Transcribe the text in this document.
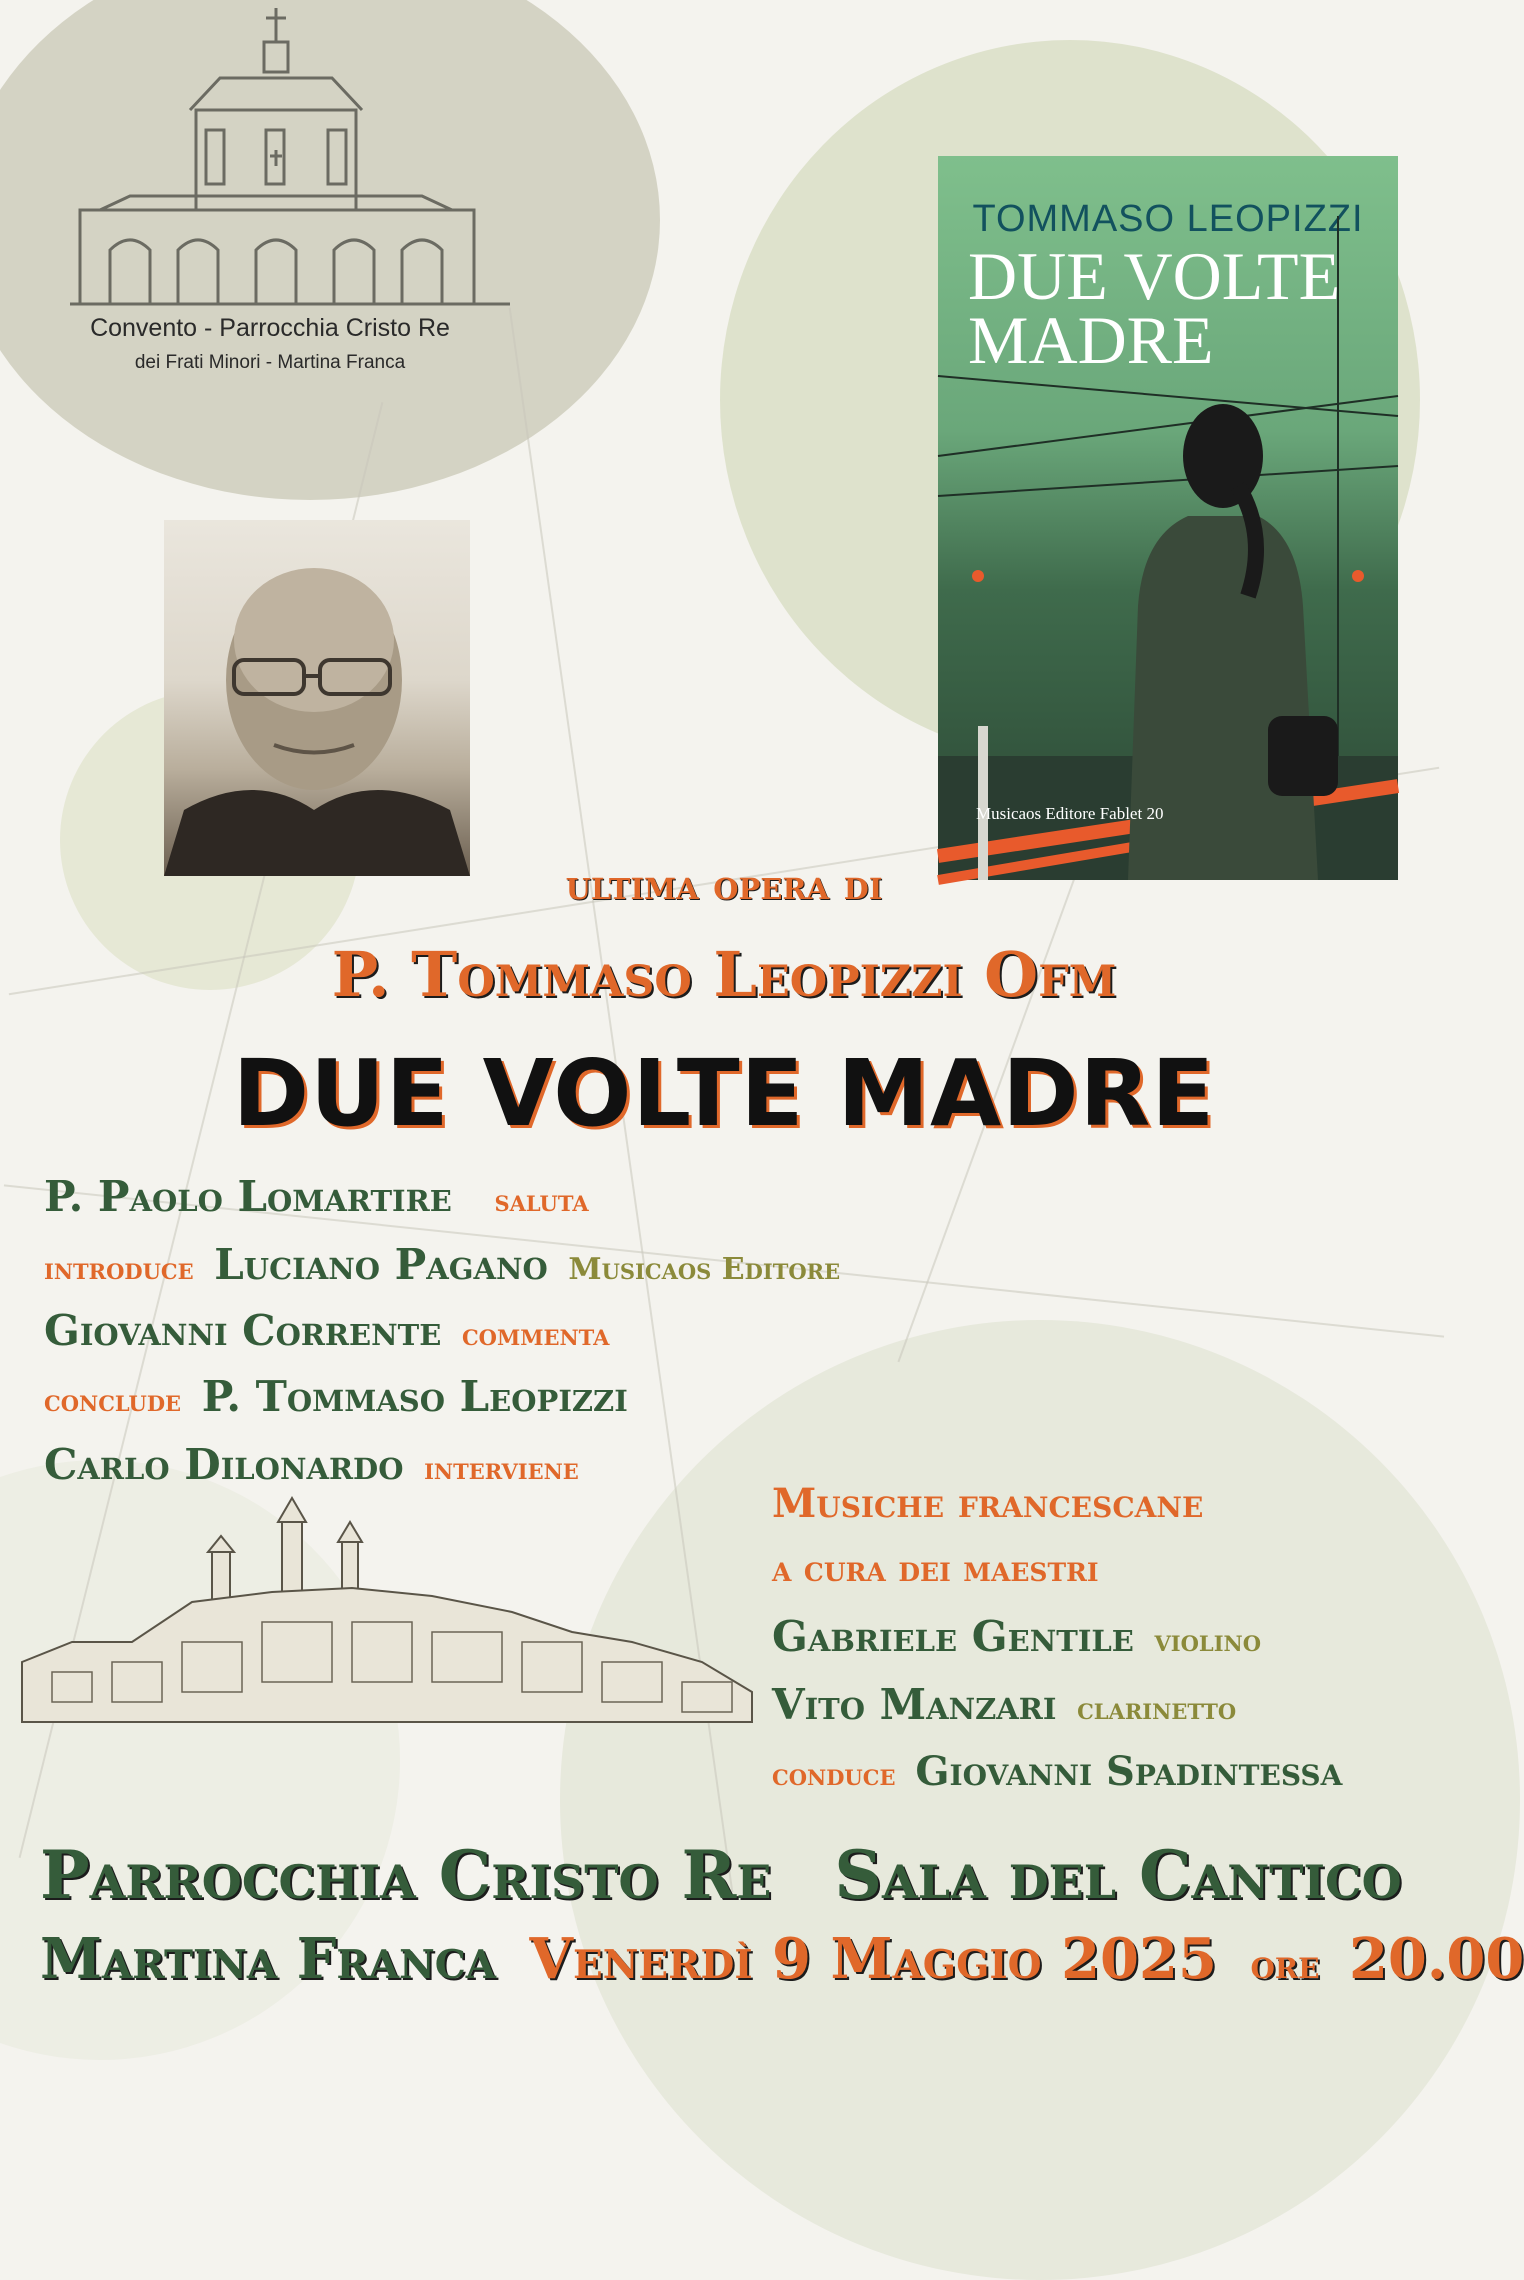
Convento - Parrocchia Cristo Re
dei Frati Minori - Martina Franca
TOMMASO LEOPIZZI
DUE VOLTE
MADRE
Musicaos Editore Fablet 20
ultima opera di
P. Tommaso Leopizzi Ofm
DUE VOLTE MADRE
P. Paolo Lomartire saluta
introduce Luciano Pagano Musicaos Editore
Giovanni Corrente commenta
conclude P. Tommaso Leopizzi
Carlo Dilonardo interviene
Musiche francescane
a cura dei maestri
Gabriele Gentile violino
Vito Manzari clarinetto
conduce Giovanni Spadintessa
Parrocchia Cristo Re Sala del Cantico
Martina Franca Venerdì 9 Maggio 2025 ore 20.00
